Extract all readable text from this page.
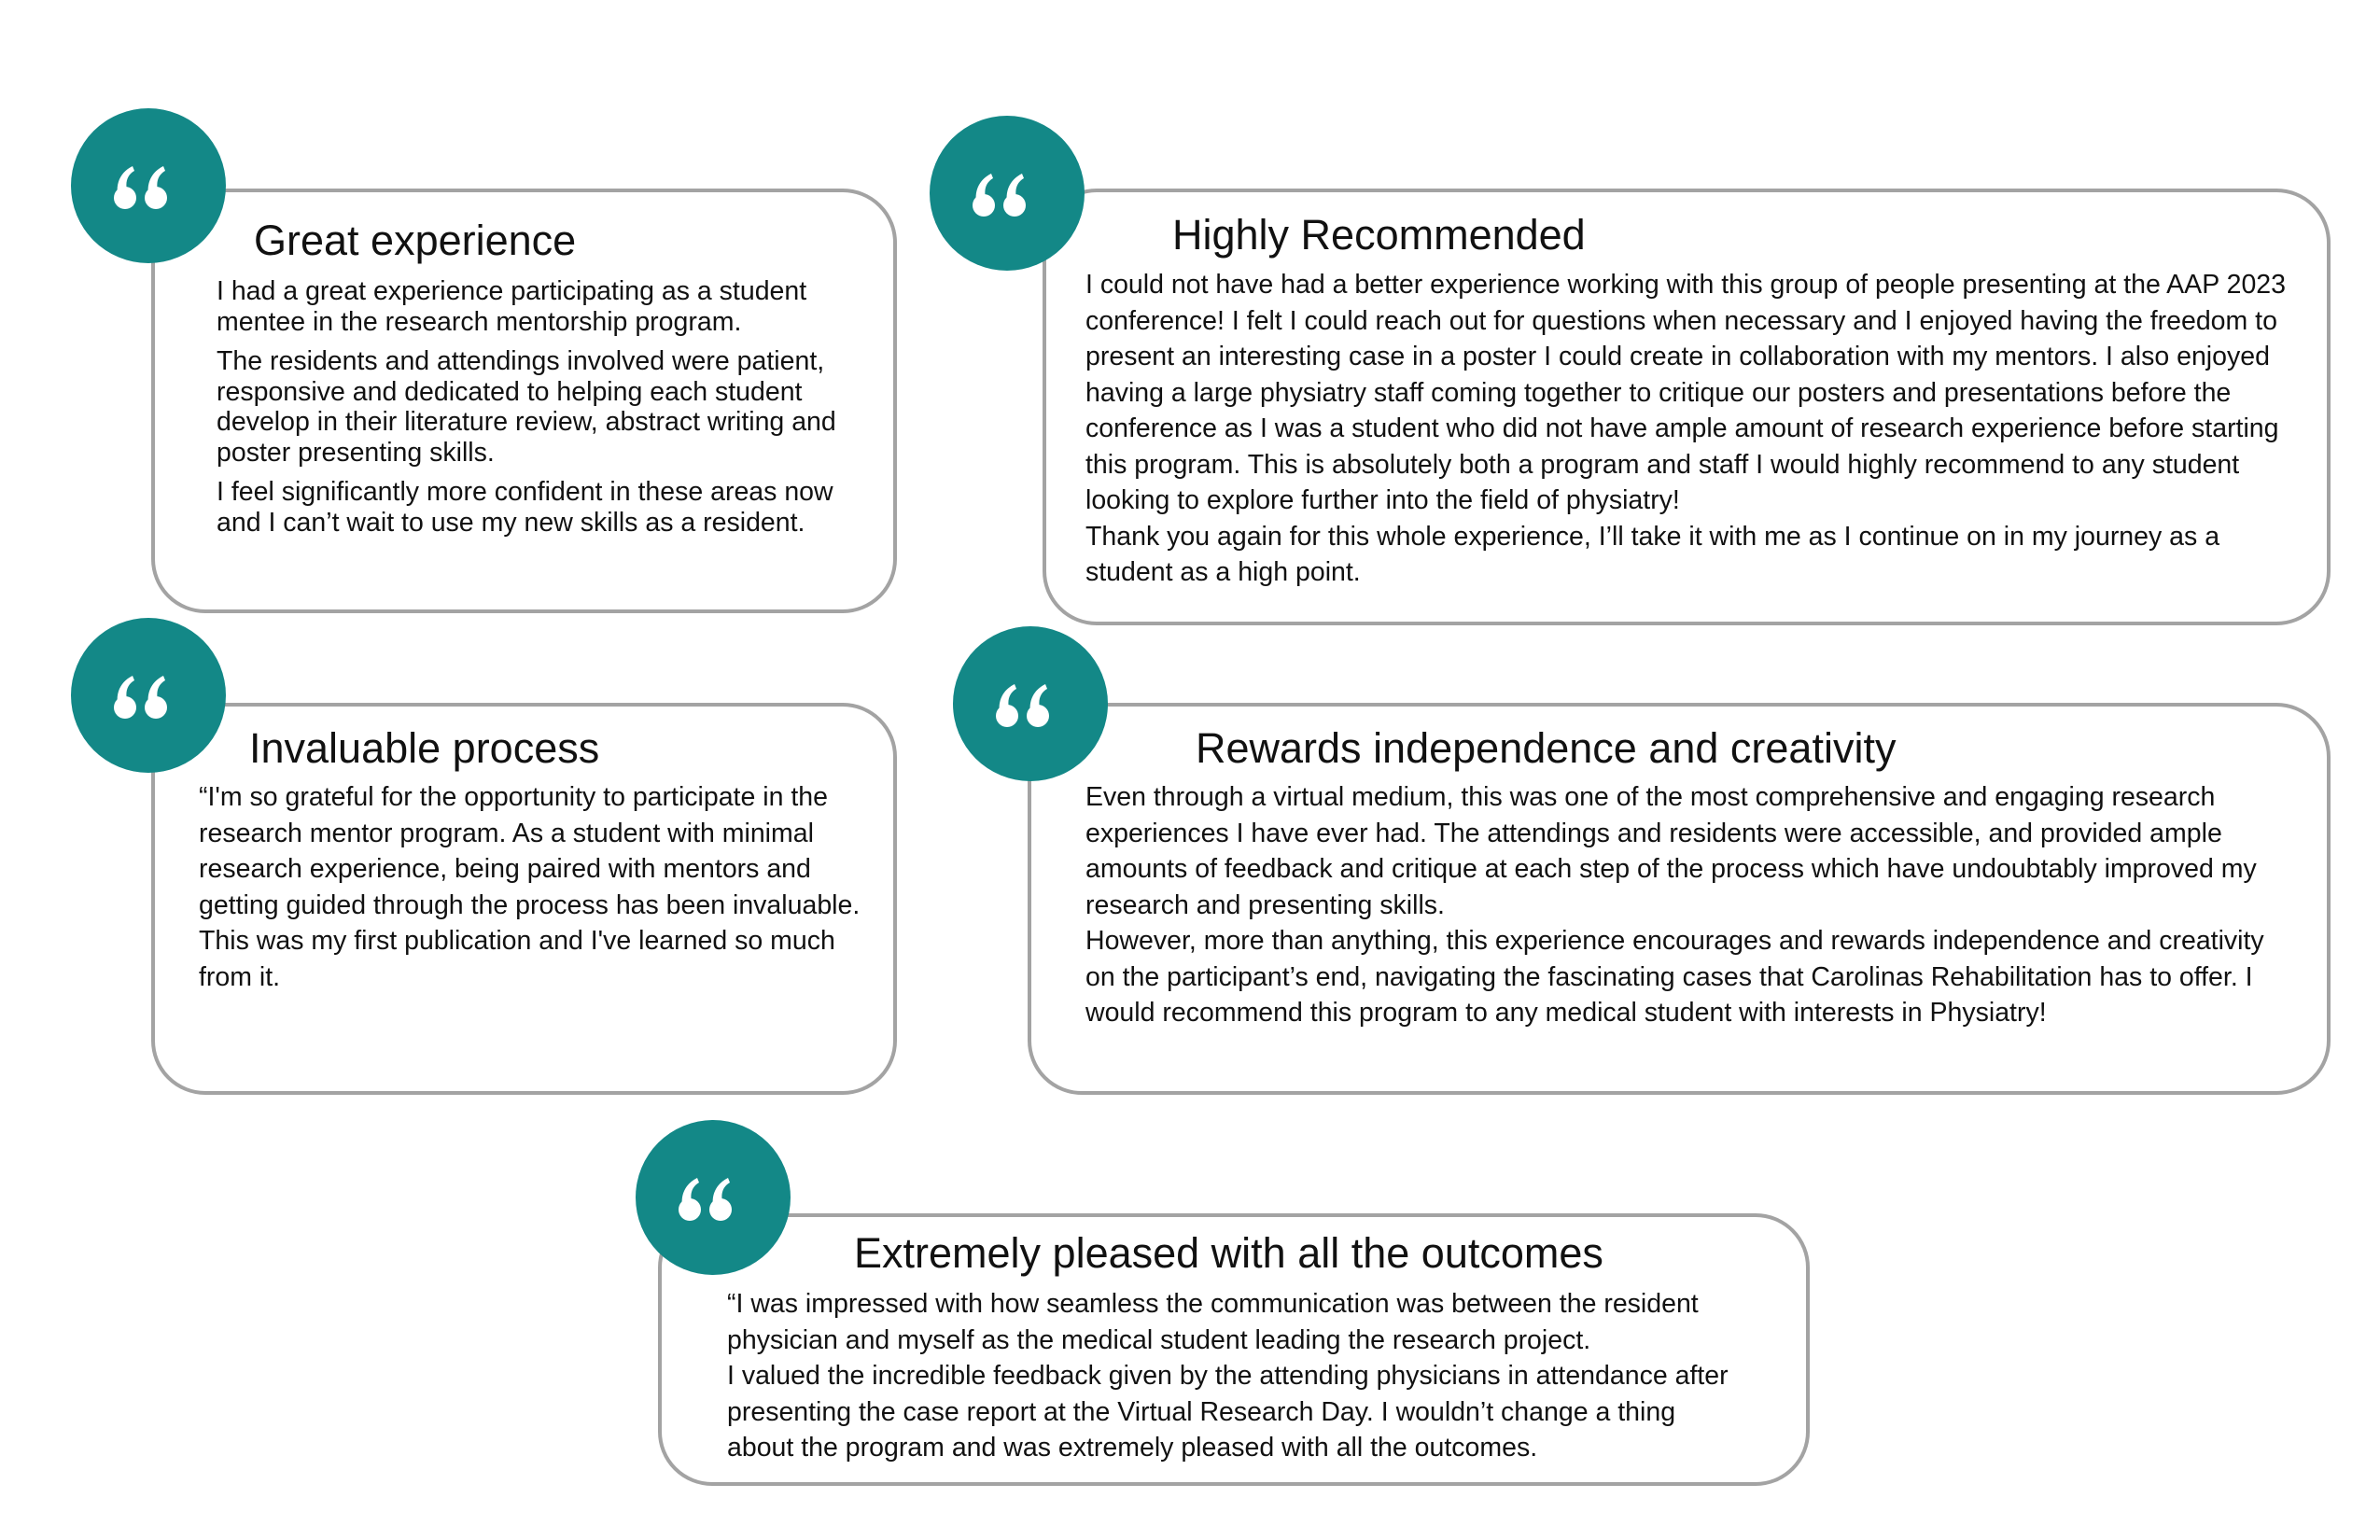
Great experience

I had a great experience participating as a student mentee in the research mentorship program.

The residents and attendings involved were patient, responsive and dedicated to helping each student develop in their literature review, abstract writing and poster presenting skills.

I feel significantly more confident in these areas now and I can’t wait to use my new skills as a resident.

Highly Recommended

I could not have had a better experience working with this group of people presenting at the AAP 2023 conference! I felt I could reach out for questions when necessary and I enjoyed having the freedom to present an interesting case in a poster I could create in collaboration with my mentors. I also enjoyed having a large physiatry staff coming together to critique our posters and presentations before the conference as I was a student who did not have ample amount of research experience before starting this program. This is absolutely both a program and staff I would highly recommend to any student looking to explore further into the field of physiatry!

Thank you again for this whole experience, I’ll take it with me as I continue on in my journey as a student as a high point.

Invaluable process

“I'm so grateful for the opportunity to participate in the research mentor program. As a student with minimal research experience, being paired with mentors and getting guided through the process has been invaluable.

This was my first publication and I've learned so much from it.

Rewards independence and creativity

Even through a virtual medium, this was one of the most comprehensive and engaging research experiences I have ever had. The attendings and residents were accessible, and provided ample amounts of feedback and critique at each step of the process which have undoubtably improved my research and presenting skills.

However, more than anything, this experience encourages and rewards independence and creativity on the participant’s end, navigating the fascinating cases that Carolinas Rehabilitation has to offer. I would recommend this program to any medical student with interests in Physiatry!

Extremely pleased with all the outcomes

“I was impressed with how seamless the communication was between the resident physician and myself as the medical student leading the research project.

I valued the incredible feedback given by the attending physicians in attendance after presenting the case report at the Virtual Research Day. I wouldn’t change a thing about the program and was extremely pleased with all the outcomes.
